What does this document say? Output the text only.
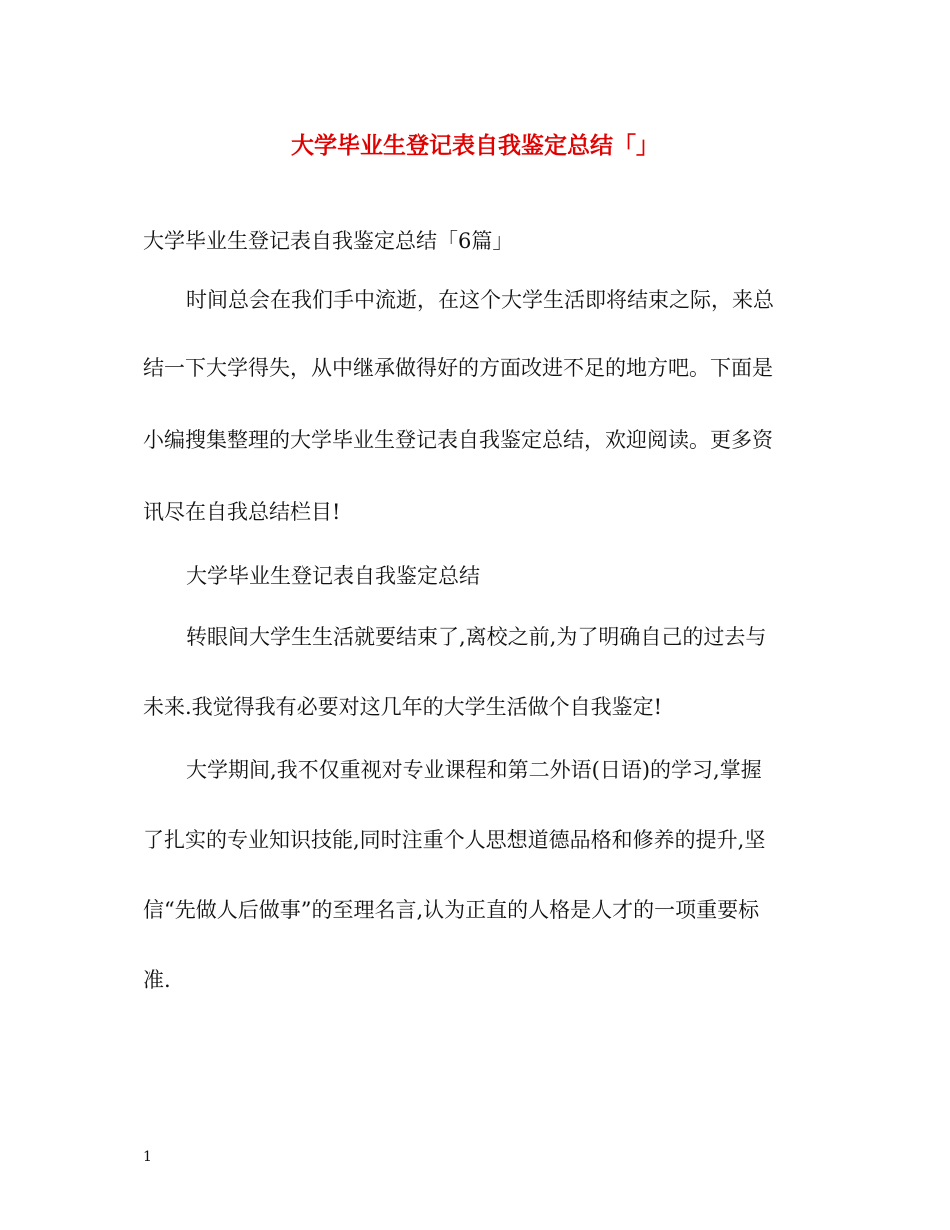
大学毕业生登记表自我鉴定总结「」
大学毕业生登记表自我鉴定总结「6篇」
时间总会在我们手中流逝，在这个大学生活即将结束之际，来总
结一下大学得失，从中继承做得好的方面改进不足的地方吧。下面是
小编搜集整理的大学毕业生登记表自我鉴定总结，欢迎阅读。更多资
讯尽在自我总结栏目!
大学毕业生登记表自我鉴定总结
转眼间大学生生活就要结束了,离校之前,为了明确自己的过去与
未来.我觉得我有必要对这几年的大学生活做个自我鉴定!
大学期间,我不仅重视对专业课程和第二外语(日语)的学习,掌握
了扎实的专业知识技能,同时注重个人思想道德品格和修养的提升,坚
信“先做人后做事”的至理名言,认为正直的人格是人才的一项重要标
准.
1
